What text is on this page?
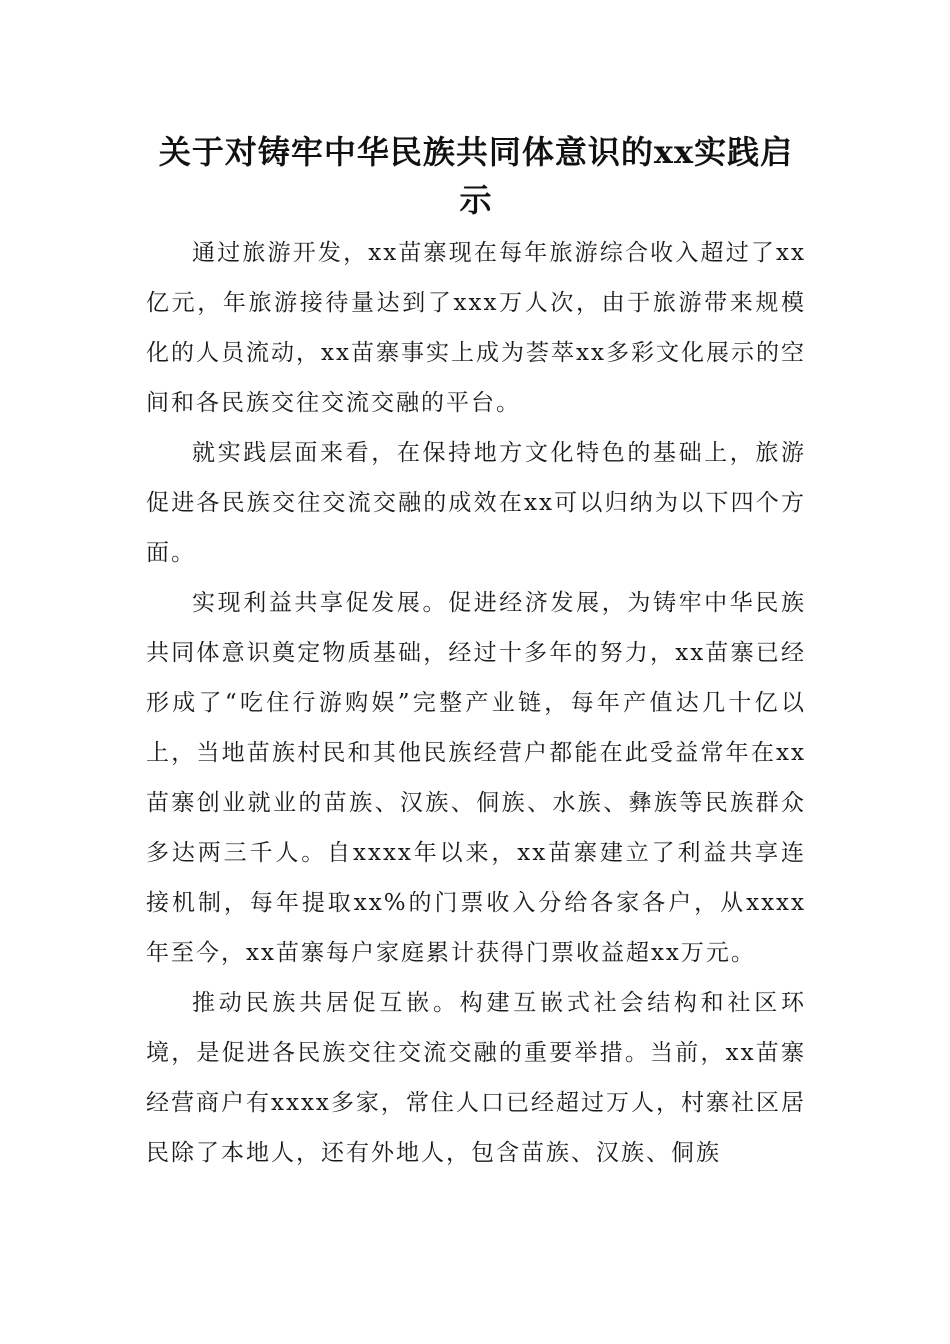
关于对铸牢中华民族共同体意识的xx实践启示

通过旅游开发，xx苗寨现在每年旅游综合收入超过了xx亿元，年旅游接待量达到了xxx万人次，由于旅游带来规模化的人员流动，xx苗寨事实上成为荟萃xx多彩文化展示的空间和各民族交往交流交融的平台。

就实践层面来看，在保持地方文化特色的基础上，旅游促进各民族交往交流交融的成效在xx可以归纳为以下四个方面。

实现利益共享促发展。促进经济发展，为铸牢中华民族共同体意识奠定物质基础，经过十多年的努力，xx苗寨已经形成了“吃住行游购娱”完整产业链，每年产值达几十亿以上，当地苗族村民和其他民族经营户都能在此受益常年在xx苗寨创业就业的苗族、汉族、侗族、水族、彝族等民族群众多达两三千人。自xxxx年以来，xx苗寨建立了利益共享连接机制，每年提取xx%的门票收入分给各家各户，从xxxx年至今，xx苗寨每户家庭累计获得门票收益超xx万元。

推动民族共居促互嵌。构建互嵌式社会结构和社区环境，是促进各民族交往交流交融的重要举措。当前，xx苗寨经营商户有xxxx多家，常住人口已经超过万人，村寨社区居民除了本地人，还有外地人，包含苗族、汉族、侗族
